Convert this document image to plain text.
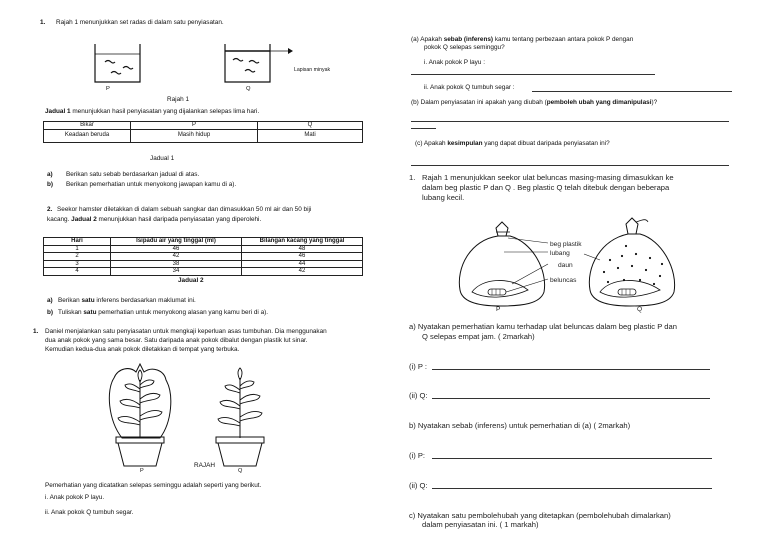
1. Rajah 1 menunjukkan set radas di dalam satu penyiasatan.
P	Q
Lapisan minyak
Rajah 1
Jadual 1 menunjukkan hasil penyiasatan yang dijalankan selepas lima hari.
Bikar	P	Q
Keadaan beruda	Masih hidup	Mati
Jadual 1
a) Berikan satu sebab berdasarkan jadual di atas.
b) Berikan pemerhatian untuk menyokong jawapan kamu di a).
2. Seekor hamster diletakkan di dalam sebuah sangkar dan dimasukkan 50 ml air dan 50 biji
kacang. Jadual 2 menunjukkan hasil daripada penyiasatan yang diperolehi.
Hari	Isipadu air yang tinggal (ml)	Bilangan kacang yang tinggal
1	46	48
2	42	46
3	38	44
4	34	42
Jadual 2
a) Berikan satu inferens berdasarkan maklumat ini.
b) Tuliskan satu pemerhatian untuk menyokong alasan yang kamu beri di a).
1. Daniel menjalankan satu penyiasatan untuk mengkaji keperluan asas tumbuhan. Dia menggunakan
dua anak pokok yang sama besar. Satu daripada anak pokok dibalut dengan plastik lut sinar.
Kemudian kedua-dua anak pokok diletakkan di tempat yang terbuka.
P	Q
RAJAH
Pemerhatian yang dicatatkan selepas seminggu adalah seperti yang berikut.
i. Anak pokok P layu.
ii. Anak pokok Q tumbuh segar.
(a) Apakah sebab (inferens) kamu tentang perbezaan antara pokok P dengan
pokok Q selepas seminggu?
i. Anak pokok P layu :
ii. Anak pokok Q tumbuh segar :
(b) Dalam penyiasatan ini apakah yang diubah (pemboleh ubah yang dimanipulasi)?
(c) Apakah kesimpulan yang dapat dibuat daripada penyiasatan ini?
1. Rajah 1 menunjukkan seekor ulat beluncas masing-masing dimasukkan ke
dalam beg plastic P dan Q . Beg plastic Q telah ditebuk dengan beberapa
lubang kecil.
beg plastik
lubang
daun
beluncas
P	Q
a) Nyatakan pemerhatian kamu terhadap ulat beluncas dalam beg plastic P dan
Q selepas empat jam. ( 2markah)
(i) P :
(ii) Q:
b) Nyatakan sebab (inferens) untuk pemerhatian di (a) ( 2markah)
(i) P:
(ii) Q:
c) Nyatakan satu pembolehubah yang ditetapkan (pembolehubah dimalarkan)
dalam penyiasatan ini. ( 1 markah)
